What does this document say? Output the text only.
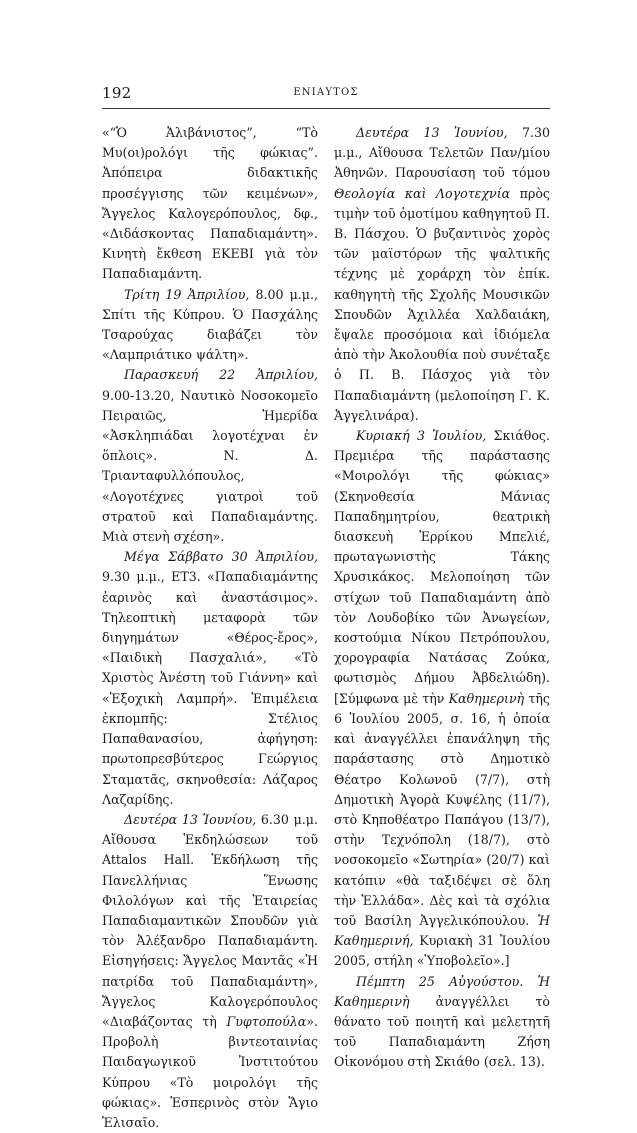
192	ΕΝΙΑΥΤΟΣ

«“Ὁ Ἀλιβάνιστος”, “Τὸ Μυ(οι)ρολόγι τῆς φώκιας”. Ἀπόπειρα διδακτικῆς προσέγγισης τῶν κειμένων», Ἄγγελος Καλογερόπουλος, δφ., «Διδάσκοντας Παπαδιαμάντη». Κινητὴ ἔκθεση ΕΚΕΒΙ γιὰ τὸν Παπαδιαμάντη.

Τρίτη 19 Ἀπριλίου, 8.00 μ.μ., Σπίτι τῆς Κύπρου. Ὁ Πασχάλης Τσαρούχας διαβάζει τὸν «Λαμπριάτικο ψάλτη».

Παρασκευή 22 Ἀπριλίου, 9.00-13.20, Ναυτικὸ Νοσοκομεῖο Πειραιῶς, Ἡμερίδα «Ἀσκληπιάδαι λογοτέχναι ἐν ὅπλοις». Ν. Δ. Τριανταφυλλόπουλος, «Λογοτέχνες γιατροὶ τοῦ στρατοῦ καὶ Παπαδιαμάντης. Μιὰ στενὴ σχέση».

Μέγα Σάββατο 30 Ἀπριλίου, 9.30 μ.μ., ΕΤ3. «Παπαδιαμάντης ἐαρινὸς καὶ ἀναστάσιμος». Τηλεοπτικὴ μεταφορὰ τῶν διηγημάτων «Θέρος-ἔρος», «Παιδικὴ Πασχαλιά», «Τὸ Χριστὸς Ἀνέστη τοῦ Γιάννη» καὶ «Ἐξοχικὴ Λαμπρή». Ἐπιμέλεια ἐκπομπῆς: Στέλιος Παπαθανασίου, ἀφήγηση: πρωτοπρεσβύτερος Γεώργιος Σταματᾶς, σκηνοθεσία: Λάζαρος Λαζαρίδης.

Δευτέρα 13 Ἰουνίου, 6.30 μ.μ. Αἴθουσα Ἐκδηλώσεων τοῦ Attalos Hall. Ἐκδήλωση τῆς Πανελλήνιας Ἕνωσης Φιλολόγων καὶ τῆς Ἑταιρείας Παπαδιαμαντικῶν Σπουδῶν γιὰ τὸν Ἀλέξανδρο Παπαδιαμάντη. Εἰσηγήσεις: Ἄγγελος Μαντᾶς «Ἡ πατρίδα τοῦ Παπαδιαμάντη», Ἄγγελος Καλογερόπουλος «Διαβάζοντας τὴ Γυφτοπούλα». Προβολὴ βιντεοταινίας Παιδαγωγικοῦ Ἰνστιτούτου Κύπρου «Τὸ μοιρολόγι τῆς φώκιας». Ἑσπερινὸς στὸν Ἅγιο Ἐλισαῖο.

Δευτέρα 13 Ἰουνίου, 7.30 μ.μ., Αἴθουσα Τελετῶν Παν/μίου Ἀθηνῶν. Παρουσίαση τοῦ τόμου Θεολογία καὶ Λογοτεχνία πρὸς τιμὴν τοῦ ὁμοτίμου καθηγητοῦ Π. Β. Πάσχου. Ὁ βυζαντινὸς χορὸς τῶν μαϊστόρων τῆς ψαλτικῆς τέχνης μὲ χοράρχη τὸν ἐπίκ. καθηγητὴ τῆς Σχολῆς Μουσικῶν Σπουδῶν Ἀχιλλέα Χαλδαιάκη, ἔψαλε προσόμοια καὶ ἰδιόμελα ἀπὸ τὴν Ἀκολουθία ποὺ συνέταξε ὁ Π. Β. Πάσχος γιὰ τὸν Παπαδιαμάντη (μελοποίηση Γ. Κ. Ἀγγελινάρα).

Κυριακή 3 Ἰουλίου, Σκιάθος. Πρεμιέρα τῆς παράστασης «Μοιρολόγι τῆς φώκιας» (Σκηνοθεσία Μάνιας Παπαδημητρίου, θεατρικὴ διασκευὴ Ἐρρίκου Μπελιέ, πρωταγωνιστὴς Τάκης Χρυσικάκος. Μελοποίηση τῶν στίχων τοῦ Παπαδιαμάντη ἀπὸ τὸν Λουδοβίκο τῶν Ἀνωγείων, κοστούμια Νίκου Πετρόπουλου, χορογραφία Νατάσας Ζούκα, φωτισμὸς Δήμου Ἀβδελιώδη). [Σύμφωνα μὲ τὴν Καθημερινὴ τῆς 6 Ἰουλίου 2005, σ. 16, ἡ ὁποία καὶ ἀναγγέλλει ἐπανάληψη τῆς παράστασης στὸ Δημοτικὸ Θέατρο Κολωνοῦ (7/7), στὴ Δημοτικὴ Ἀγορὰ Κυψέλης (11/7), στὸ Κηποθέατρο Παπάγου (13/7), στὴν Τεχνόπολη (18/7), στὸ νοσοκομεῖο «Σωτηρία» (20/7) καὶ κατόπιν «θὰ ταξιδέψει σὲ ὅλη τὴν Ἑλλάδα». Δὲς καὶ τὰ σχόλια τοῦ Βασίλη Ἀγγελικόπουλου. Ἡ Καθημερινή, Κυριακὴ 31 Ἰουλίου 2005, στήλη «Ὑποβολεῖο».]

Πέμπτη 25 Αὐγούστου. Ἡ Καθημερινὴ ἀναγγέλλει τὸ θάνατο τοῦ ποιητῆ καὶ μελετητῆ τοῦ Παπαδιαμάντη Ζήση Οἰκονόμου στὴ Σκιάθο (σελ. 13).
